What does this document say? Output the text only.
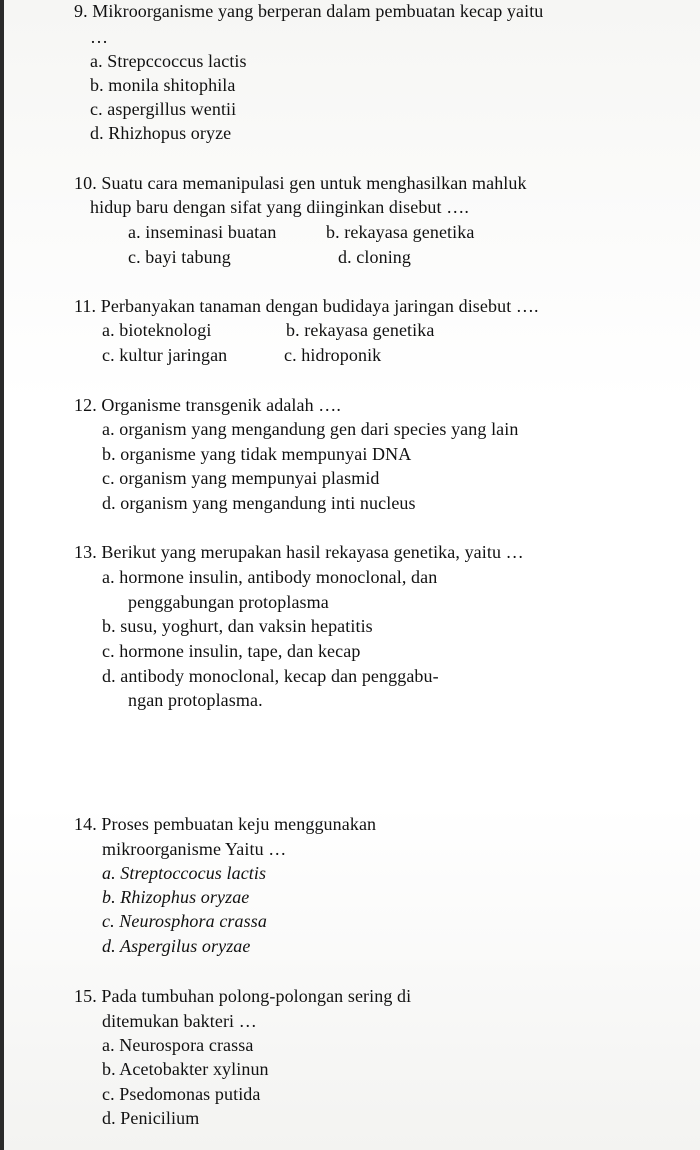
9. Mikroorganisme yang berperan dalam pembuatan kecap yaitu
…
a. Strepccoccus lactis
b. monila shitophila
c. aspergillus wentii
d. Rhizhopus oryze
10. Suatu cara memanipulasi gen untuk menghasilkan mahluk
hidup baru dengan sifat yang diinginkan disebut ….
a. inseminasi buatan	b. rekayasa genetika
c. bayi tabung	d. cloning
11. Perbanyakan tanaman dengan budidaya jaringan disebut ….
a. bioteknologi	b. rekayasa genetika
c. kultur jaringan	c. hidroponik
12. Organisme transgenik adalah ….
a. organism yang mengandung gen dari species yang lain
b. organisme yang tidak mempunyai DNA
c. organism yang mempunyai plasmid
d. organism yang mengandung inti nucleus
13. Berikut yang merupakan hasil rekayasa genetika, yaitu …
a. hormone insulin, antibody monoclonal, dan
penggabungan protoplasma
b. susu, yoghurt, dan vaksin hepatitis
c. hormone insulin, tape, dan kecap
d. antibody monoclonal, kecap dan penggabu-
ngan protoplasma.
14. Proses pembuatan keju menggunakan
mikroorganisme Yaitu …
a. Streptoccocus lactis
b. Rhizophus oryzae
c. Neurosphora crassa
d. Aspergilus oryzae
15. Pada tumbuhan polong-polongan sering di
ditemukan bakteri …
a. Neurospora crassa
b. Acetobakter xylinun
c. Psedomonas putida
d. Penicilium
